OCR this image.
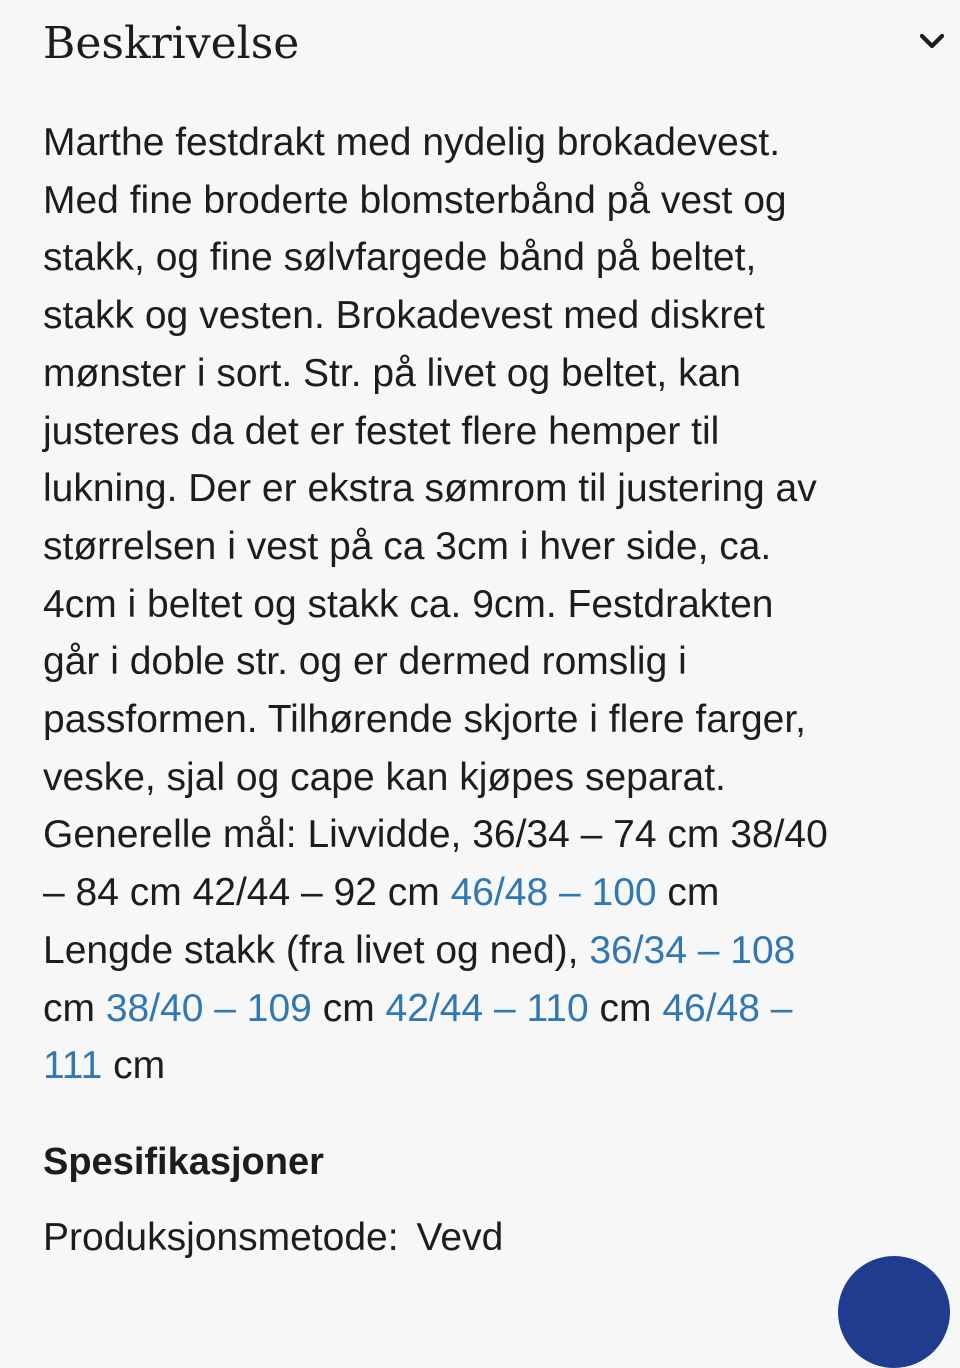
Beskrivelse

Marthe festdrakt med nydelig brokadevest.
Med fine broderte blomsterbånd på vest og
stakk, og fine sølvfargede bånd på beltet,
stakk og vesten. Brokadevest med diskret
mønster i sort. Str. på livet og beltet, kan
justeres da det er festet flere hemper til
lukning. Der er ekstra sømrom til justering av
størrelsen i vest på ca 3cm i hver side, ca.
4cm i beltet og stakk ca. 9cm. Festdrakten
går i doble str. og er dermed romslig i
passformen. Tilhørende skjorte i flere farger,
veske, sjal og cape kan kjøpes separat.
Generelle mål: Livvidde, 36/34 – 74 cm 38/40
– 84 cm 42/44 – 92 cm 46/48 – 100 cm
Lengde stakk (fra livet og ned), 36/34 – 108
cm 38/40 – 109 cm 42/44 – 110 cm 46/48 –
111 cm

Spesifikasjoner
Produksjonsmetode: Vevd
